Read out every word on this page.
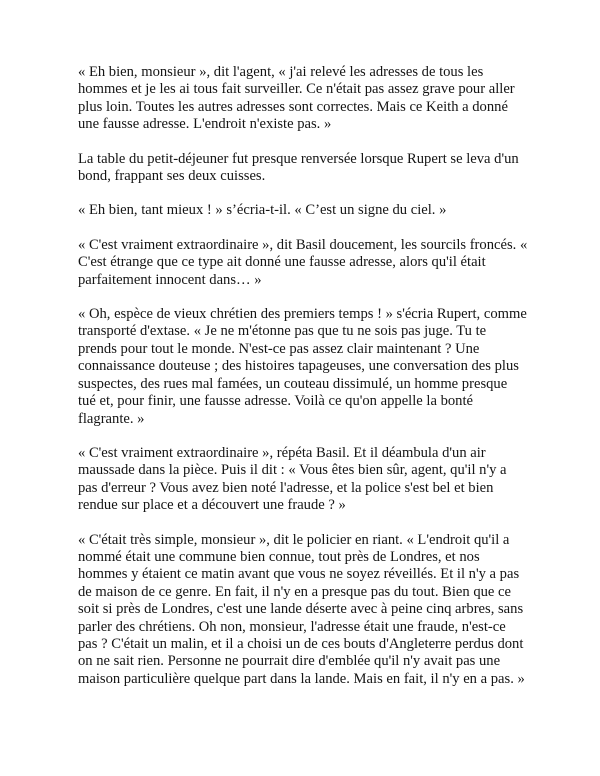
« Eh bien, monsieur », dit l'agent, « j'ai relevé les adresses de tous les hommes et je les ai tous fait surveiller. Ce n'était pas assez grave pour aller plus loin. Toutes les autres adresses sont correctes. Mais ce Keith a donné une fausse adresse. L'endroit n'existe pas. »

La table du petit-déjeuner fut presque renversée lorsque Rupert se leva d'un bond, frappant ses deux cuisses.

« Eh bien, tant mieux ! » s’écria-t-il. « C’est un signe du ciel. »

« C'est vraiment extraordinaire », dit Basil doucement, les sourcils froncés. « C'est étrange que ce type ait donné une fausse adresse, alors qu'il était parfaitement innocent dans… »

« Oh, espèce de vieux chrétien des premiers temps ! » s'écria Rupert, comme transporté d'extase. « Je ne m'étonne pas que tu ne sois pas juge. Tu te prends pour tout le monde. N'est-ce pas assez clair maintenant ? Une connaissance douteuse ; des histoires tapageuses, une conversation des plus suspectes, des rues mal famées, un couteau dissimulé, un homme presque tué et, pour finir, une fausse adresse. Voilà ce qu'on appelle la bonté flagrante. »

« C'est vraiment extraordinaire », répéta Basil. Et il déambula d'un air maussade dans la pièce. Puis il dit : « Vous êtes bien sûr, agent, qu'il n'y a pas d'erreur ? Vous avez bien noté l'adresse, et la police s'est bel et bien rendue sur place et a découvert une fraude ? »

« C'était très simple, monsieur », dit le policier en riant. « L'endroit qu'il a nommé était une commune bien connue, tout près de Londres, et nos hommes y étaient ce matin avant que vous ne soyez réveillés. Et il n'y a pas de maison de ce genre. En fait, il n'y en a presque pas du tout. Bien que ce soit si près de Londres, c'est une lande déserte avec à peine cinq arbres, sans parler des chrétiens. Oh non, monsieur, l'adresse était une fraude, n'est-ce pas ? C'était un malin, et il a choisi un de ces bouts d'Angleterre perdus dont on ne sait rien. Personne ne pourrait dire d'emblée qu'il n'y avait pas une maison particulière quelque part dans la lande. Mais en fait, il n'y en a pas. »
